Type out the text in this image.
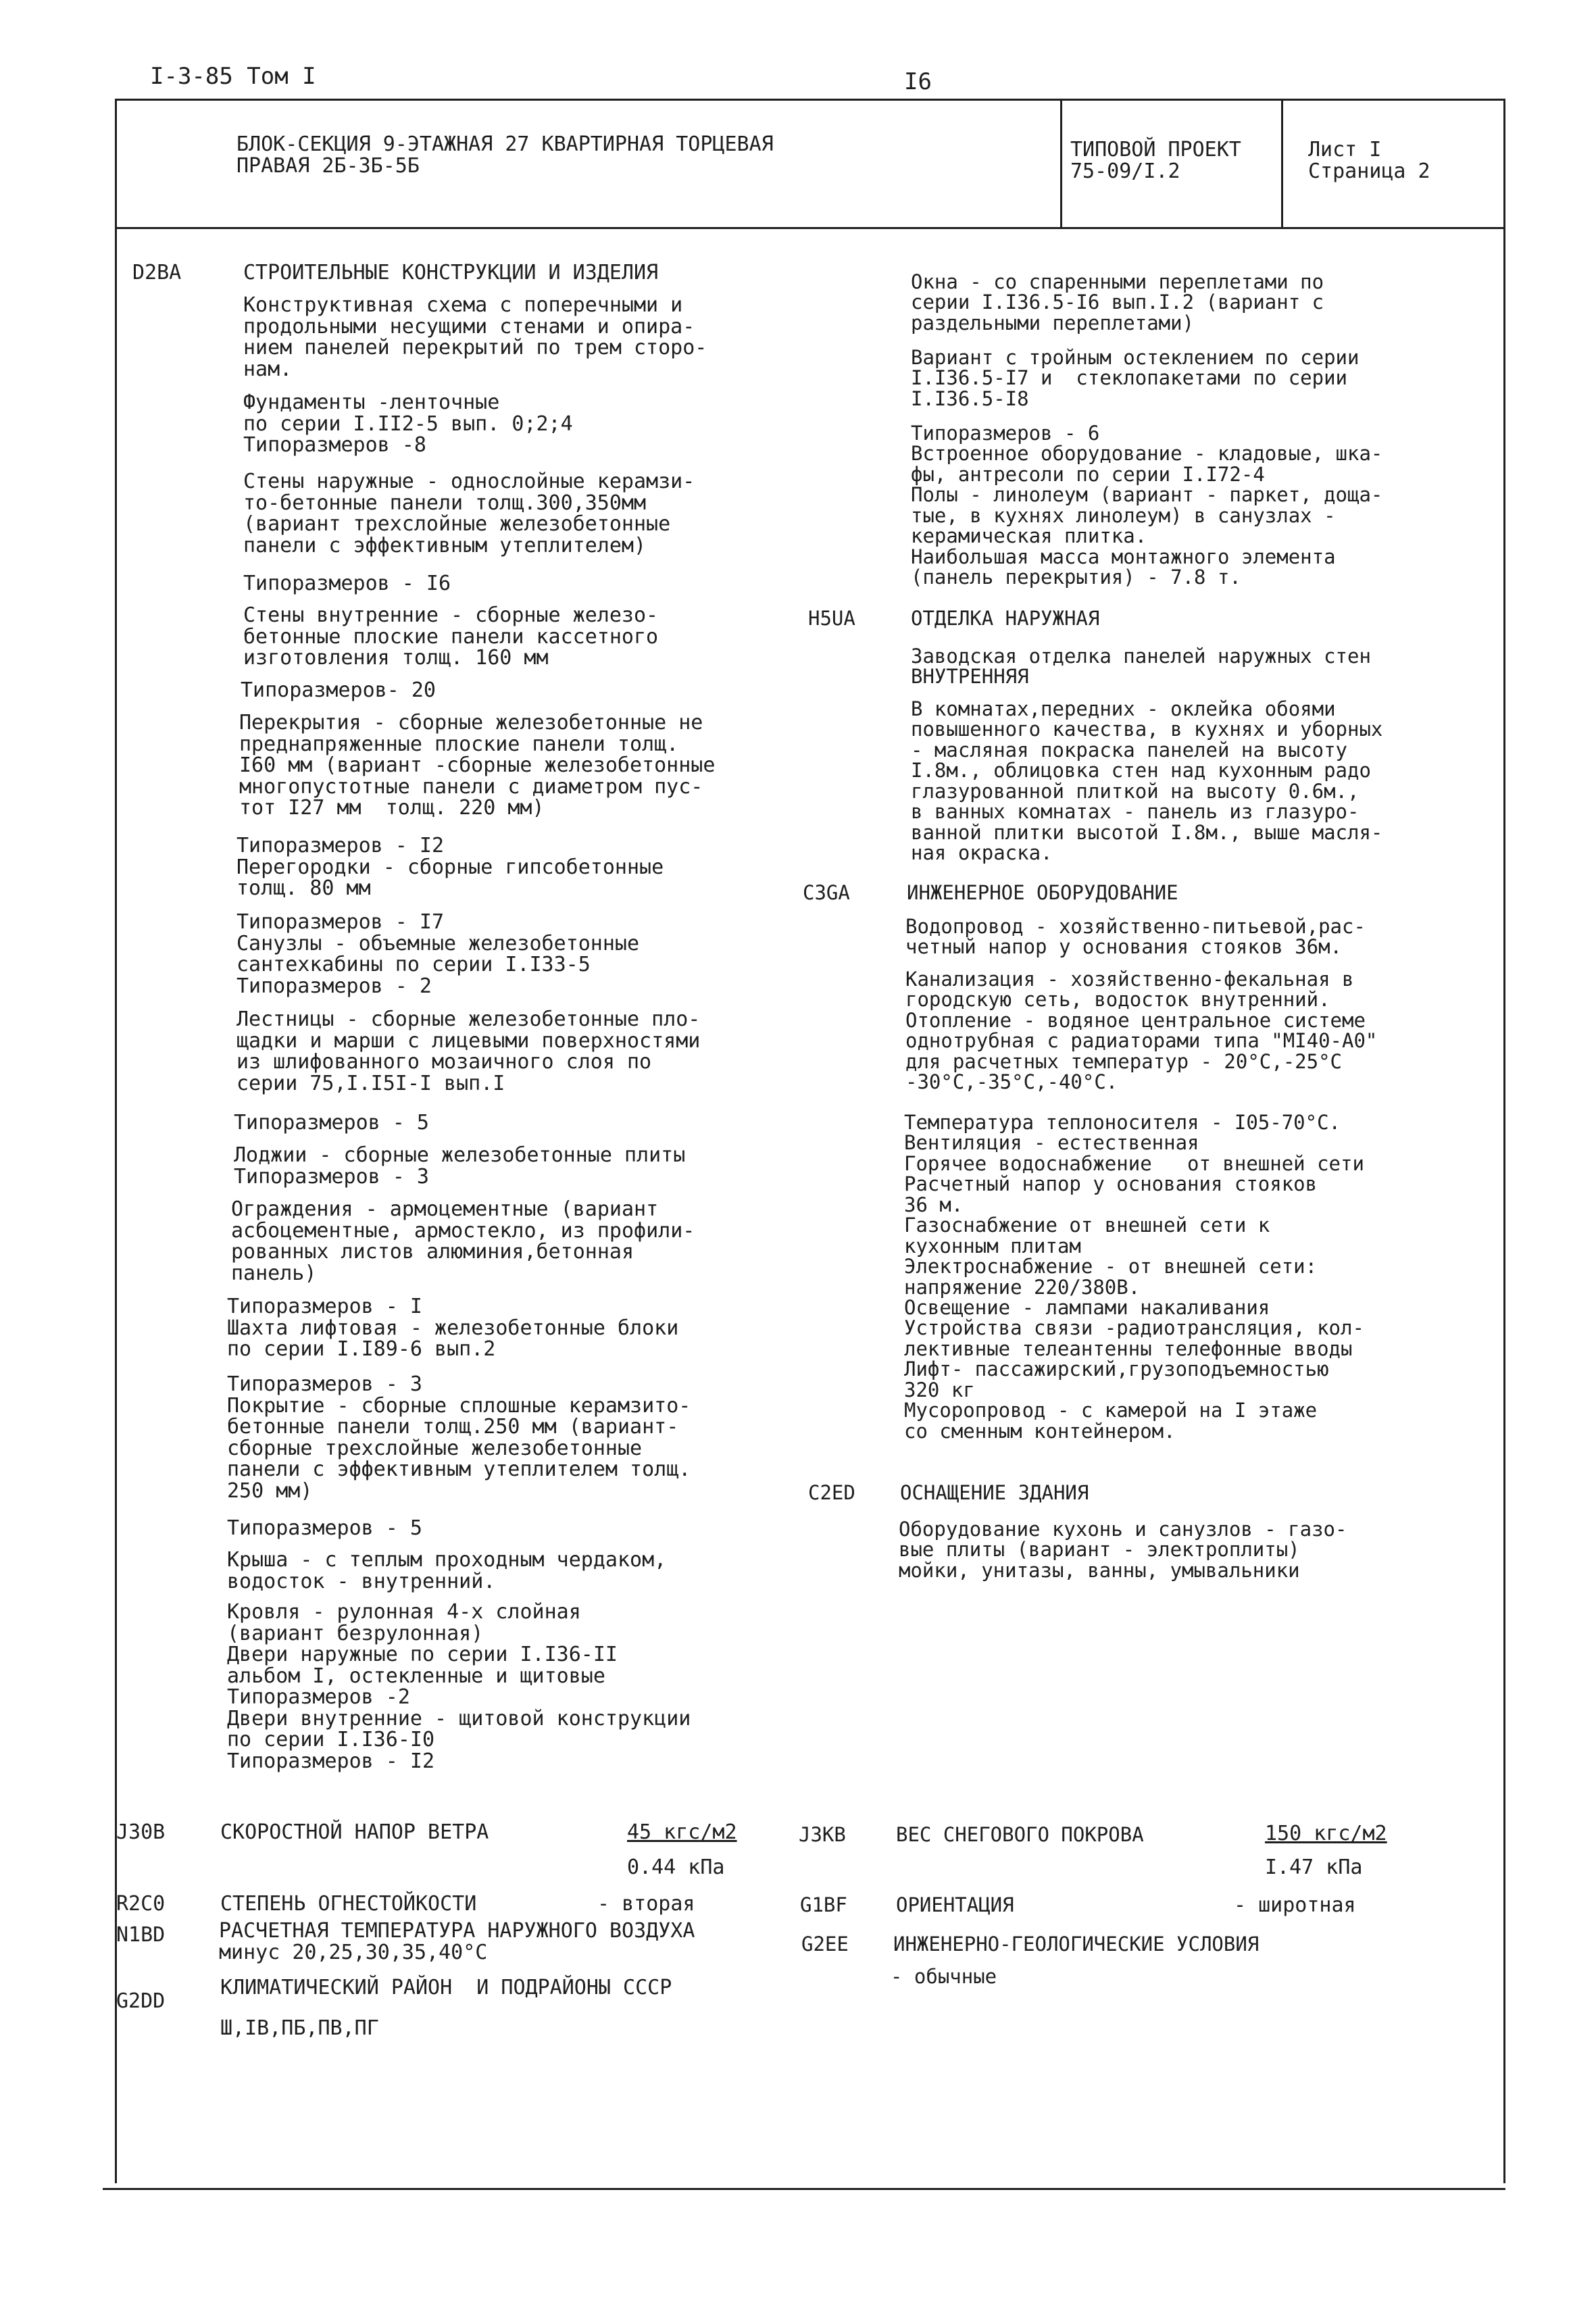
I-3-85 Том I	I6
БЛОК-СЕКЦИЯ 9-ЭТАЖНАЯ 27 КВАРТИРНАЯ ТОРЦЕВАЯ
ПРАВАЯ 2Б-3Б-5Б
ТИПОВОЙ ПРОЕКТ
75-09/I.2
Лист I
Страница 2
D2BA	СТРОИТЕЛЬНЫЕ КОНСТРУКЦИИ И ИЗДЕЛИЯ
Конструктивная схема с поперечными и
продольными несущими стенами и опира-
нием панелей перекрытий по трем сторо-
нам.
Фундаменты -ленточные
по серии I.II2-5 вып. 0;2;4
Типоразмеров -8
Стены наружные - однослойные керамзи-
то-бетонные панели толщ.300,350мм
(вариант трехслойные железобетонные
панели с эффективным утеплителем)
Типоразмеров - I6
Стены внутренние - сборные железо-
бетонные плоские панели кассетного
изготовления толщ. 160 мм
Типоразмеров- 20
Перекрытия - сборные железобетонные не
преднапряженные плоские панели толщ.
I60 мм (вариант -сборные железобетонные
многопустотные панели с диаметром пус-
тот I27 мм  толщ. 220 мм)
Типоразмеров - I2
Перегородки - сборные гипсобетонные
толщ. 80 мм
Типоразмеров - I7
Санузлы - объемные железобетонные
сантехкабины по серии I.I33-5
Типоразмеров - 2
Лестницы - сборные железобетонные пло-
щадки и марши с лицевыми поверхностями
из шлифованного мозаичного слоя по
серии 75,I.I5I-I вып.I
Типоразмеров - 5
Лоджии - сборные железобетонные плиты
Типоразмеров - 3
Ограждения - армоцементные (вариант
асбоцементные, армостекло, из профили-
рованных листов алюминия,бетонная
панель)
Типоразмеров - I
Шахта лифтовая - железобетонные блоки
по серии I.I89-6 вып.2
Типоразмеров - 3
Покрытие - сборные сплошные керамзито-
бетонные панели толщ.250 мм (вариант-
сборные трехслойные железобетонные
панели с эффективным утеплителем толщ.
250 мм)
Типоразмеров - 5
Крыша - с теплым проходным чердаком,
водосток - внутренний.
Кровля - рулонная 4-х слойная
(вариант безрулонная)
Двери наружные по серии I.I36-II
альбом I, остекленные и щитовые
Типоразмеров -2
Двери внутренние - щитовой конструкции
по серии I.I36-I0
Типоразмеров - I2
Окна - со спаренными переплетами по
серии I.I36.5-I6 вып.I.2 (вариант с
раздельными переплетами)
Вариант с тройным остеклением по серии
I.I36.5-I7 и  стеклопакетами по серии
I.I36.5-I8
Типоразмеров - 6
Встроенное оборудование - кладовые, шка-
фы, антресоли по серии I.I72-4
Полы - линолеум (вариант - паркет, доща-
тые, в кухнях линолеум) в санузлах -
керамическая плитка.
Наибольшая масса монтажного элемента
(панель перекрытия) - 7.8 т.
H5UA	ОТДЕЛКА НАРУЖНАЯ
Заводская отделка панелей наружных стен
ВНУТРЕННЯЯ
В комнатах,передних - оклейка обоями
повышенного качества, в кухнях и уборных
- масляная покраска панелей на высоту
I.8м., облицовка стен над кухонным радо
глазурованной плиткой на высоту 0.6м.,
в ванных комнатах - панель из глазуро-
ванной плитки высотой I.8м., выше масля-
ная окраска.
C3GA	ИНЖЕНЕРНОЕ ОБОРУДОВАНИЕ
Водопровод - хозяйственно-питьевой,рас-
четный напор у основания стояков 36м.
Канализация - хозяйственно-фекальная в
городскую сеть, водосток внутренний.
Отопление - водяное центральное системе
однотрубная с радиаторами типа "МI40-А0"
для расчетных температур - 20°С,-25°С
-30°С,-35°С,-40°С.
Температура теплоносителя - I05-70°С.
Вентиляция - естественная
Горячее водоснабжение   от внешней сети
Расчетный напор у основания стояков
36 м.
Газоснабжение от внешней сети к
кухонным плитам
Электроснабжение - от внешней сети:
напряжение 220/380В.
Освещение - лампами накаливания
Устройства связи -радиотрансляция, кол-
лективные телеантенны телефонные вводы
Лифт- пассажирский,грузоподъемностью
320 кг
Мусоропровод - с камерой на I этаже
со сменным контейнером.
C2ED ОСНАЩЕНИЕ ЗДАНИЯ
Оборудование кухонь и санузлов - газо-
вые плиты (вариант - электроплиты)
мойки, унитазы, ванны, умывальники
J30B	СКОРОСТНОЙ НАПОР ВЕТРА	45 кгс/м2
0.44 кПа
R2C0	СТЕПЕНЬ ОГНЕСТОЙКОСТИ	- вторая
N1BD	РАСЧЕТНАЯ ТЕМПЕРАТУРА НАРУЖНОГО ВОЗДУХА
минус 20,25,30,35,40°С
G2DD
КЛИМАТИЧЕСКИЙ РАЙОН  И ПОДРАЙОНЫ СССР
Ш,IВ,ПБ,ПВ,ПГ
J3KB	ВЕС СНЕГОВОГО ПОКРОВА	150 кгс/м2
I.47 кПа
G1BF ОРИЕНТАЦИЯ	- широтная
G2EE ИНЖЕНЕРНО-ГЕОЛОГИЧЕСКИЕ УСЛОВИЯ
- обычные
